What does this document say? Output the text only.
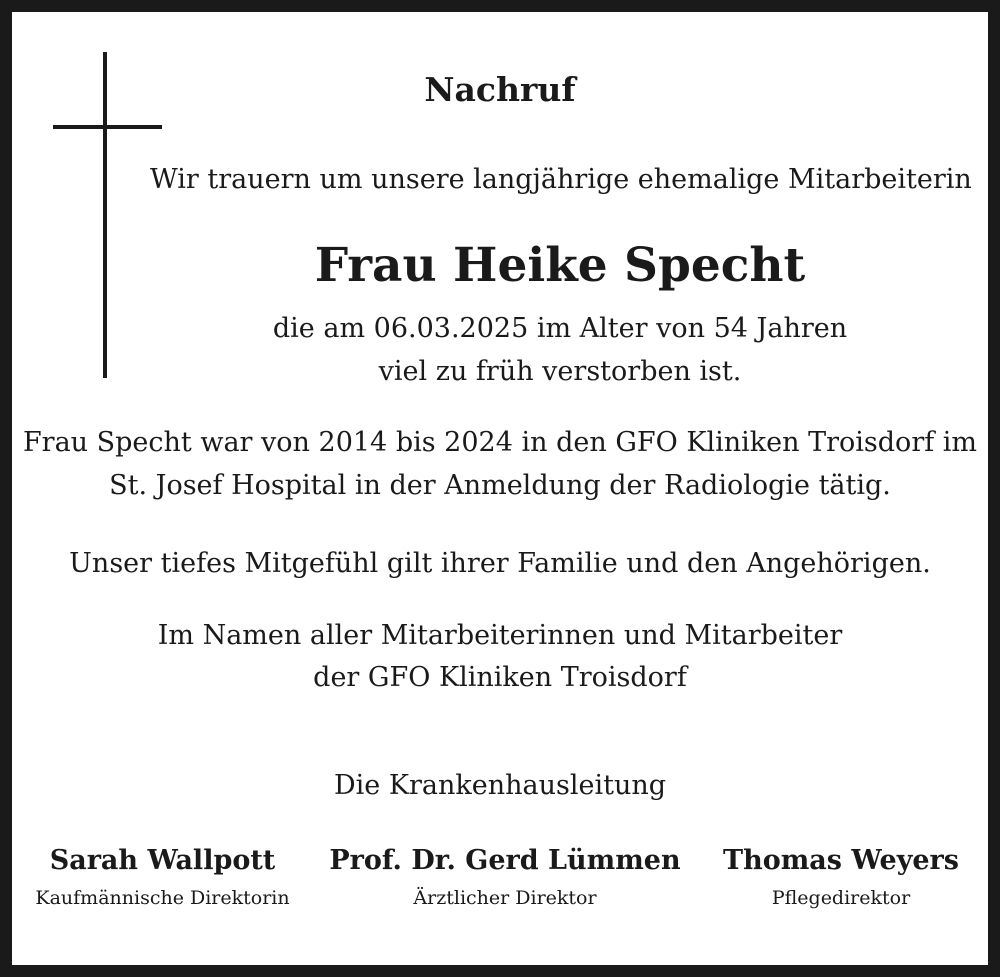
Nachruf
Wir trauern um unsere langjährige ehemalige Mitarbeiterin
Frau Heike Specht
die am 06.03.2025 im Alter von 54 Jahren
viel zu früh verstorben ist.
Frau Specht war von 2014 bis 2024 in den GFO Kliniken Troisdorf im
St. Josef Hospital in der Anmeldung der Radiologie tätig.
Unser tiefes Mitgefühl gilt ihrer Familie und den Angehörigen.
Im Namen aller Mitarbeiterinnen und Mitarbeiter
der GFO Kliniken Troisdorf
Die Krankenhausleitung
Sarah Wallpott
Kaufmännische Direktorin
Prof. Dr. Gerd Lümmen
Ärztlicher Direktor
Thomas Weyers
Pflegedirektor
